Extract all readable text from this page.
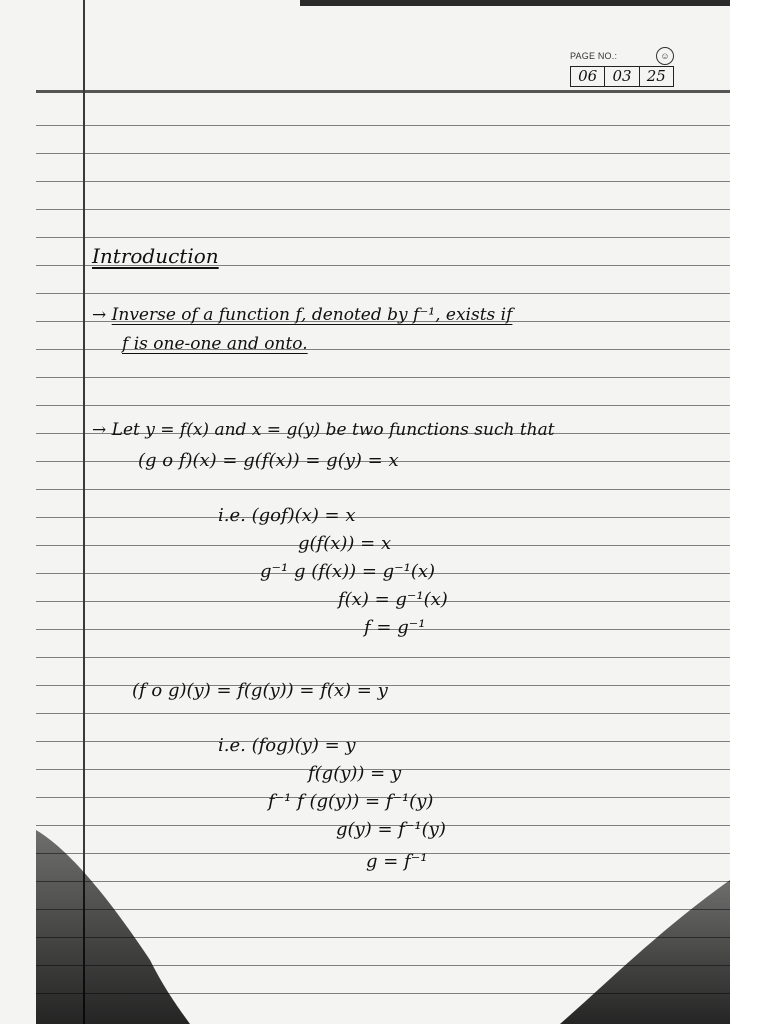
PAGE NO.:	☺
06	03	25
Introduction
→ Inverse of a function f, denoted by f⁻¹, exists if
f is one-one and onto.
→ Let y = f(x) and x = g(y) be two functions such that
(g o f)(x) = g(f(x)) = g(y) = x
i.e. (gof)(x) = x
g(f(x)) = x
g⁻¹ g (f(x)) = g⁻¹(x)
f(x) = g⁻¹(x)
f = g⁻¹
(f o g)(y) = f(g(y)) = f(x) = y
i.e. (fog)(y) = y
f(g(y)) = y
f⁻¹ f (g(y)) = f⁻¹(y)
g(y) = f⁻¹(y)
g = f⁻¹
